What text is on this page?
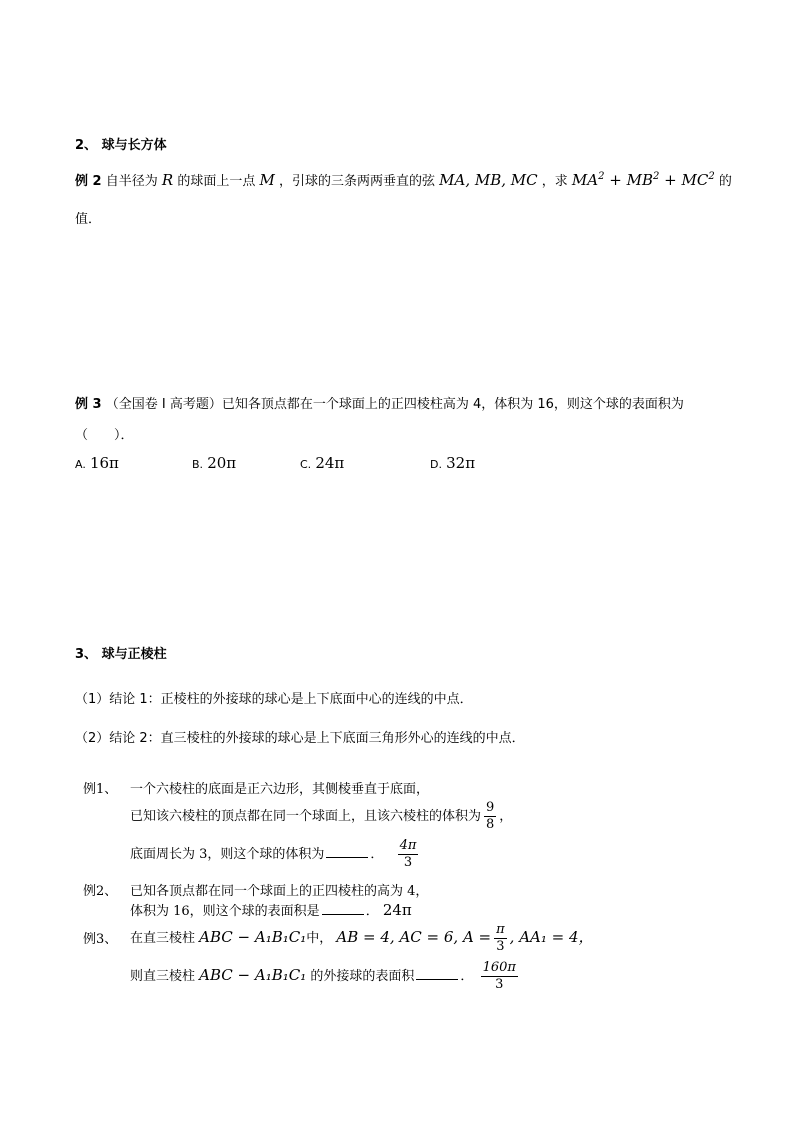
2、 球与长方体
例 2 自半径为 R 的球面上一点 M ，引球的三条两两垂直的弦 MA, MB, MC ，求 $MA^2 + MB^2 + MC^2$ 的
值．
例 3 （全国卷 I 高考题）已知各顶点都在一个球面上的正四棱柱高为 4，体积为 16，则这个球的表面积为
（　　）．
A. 16π	B. 20π	C. 24π	D. 32π
3、 球与正棱柱
（1）结论 1：正棱柱的外接球的球心是上下底面中心的连线的中点．
（2）结论 2：直三棱柱的外接球的球心是上下底面三角形外心的连线的中点．
例1、 一个六棱柱的底面是正六边形，其侧棱垂直于底面，
已知该六棱柱的顶点都在同一个球面上，且该六棱柱的体积为 $\frac{9}{8}$ ，
底面周长为 3，则这个球的体积为	． $\frac{4\pi}{3}$
例2、 已知各顶点都在同一个球面上的正四棱柱的高为 4，
体积为 16，则这个球的表面积是	． 24π
例3、 在直三棱柱 ABC − A₁B₁C₁中， AB = 4, AC = 6, $A = \frac{\pi}{3}$ , AA₁ = 4，
则直三棱柱 ABC − A₁B₁C₁ 的外接球的表面积	． $\frac{160\pi}{3}$
